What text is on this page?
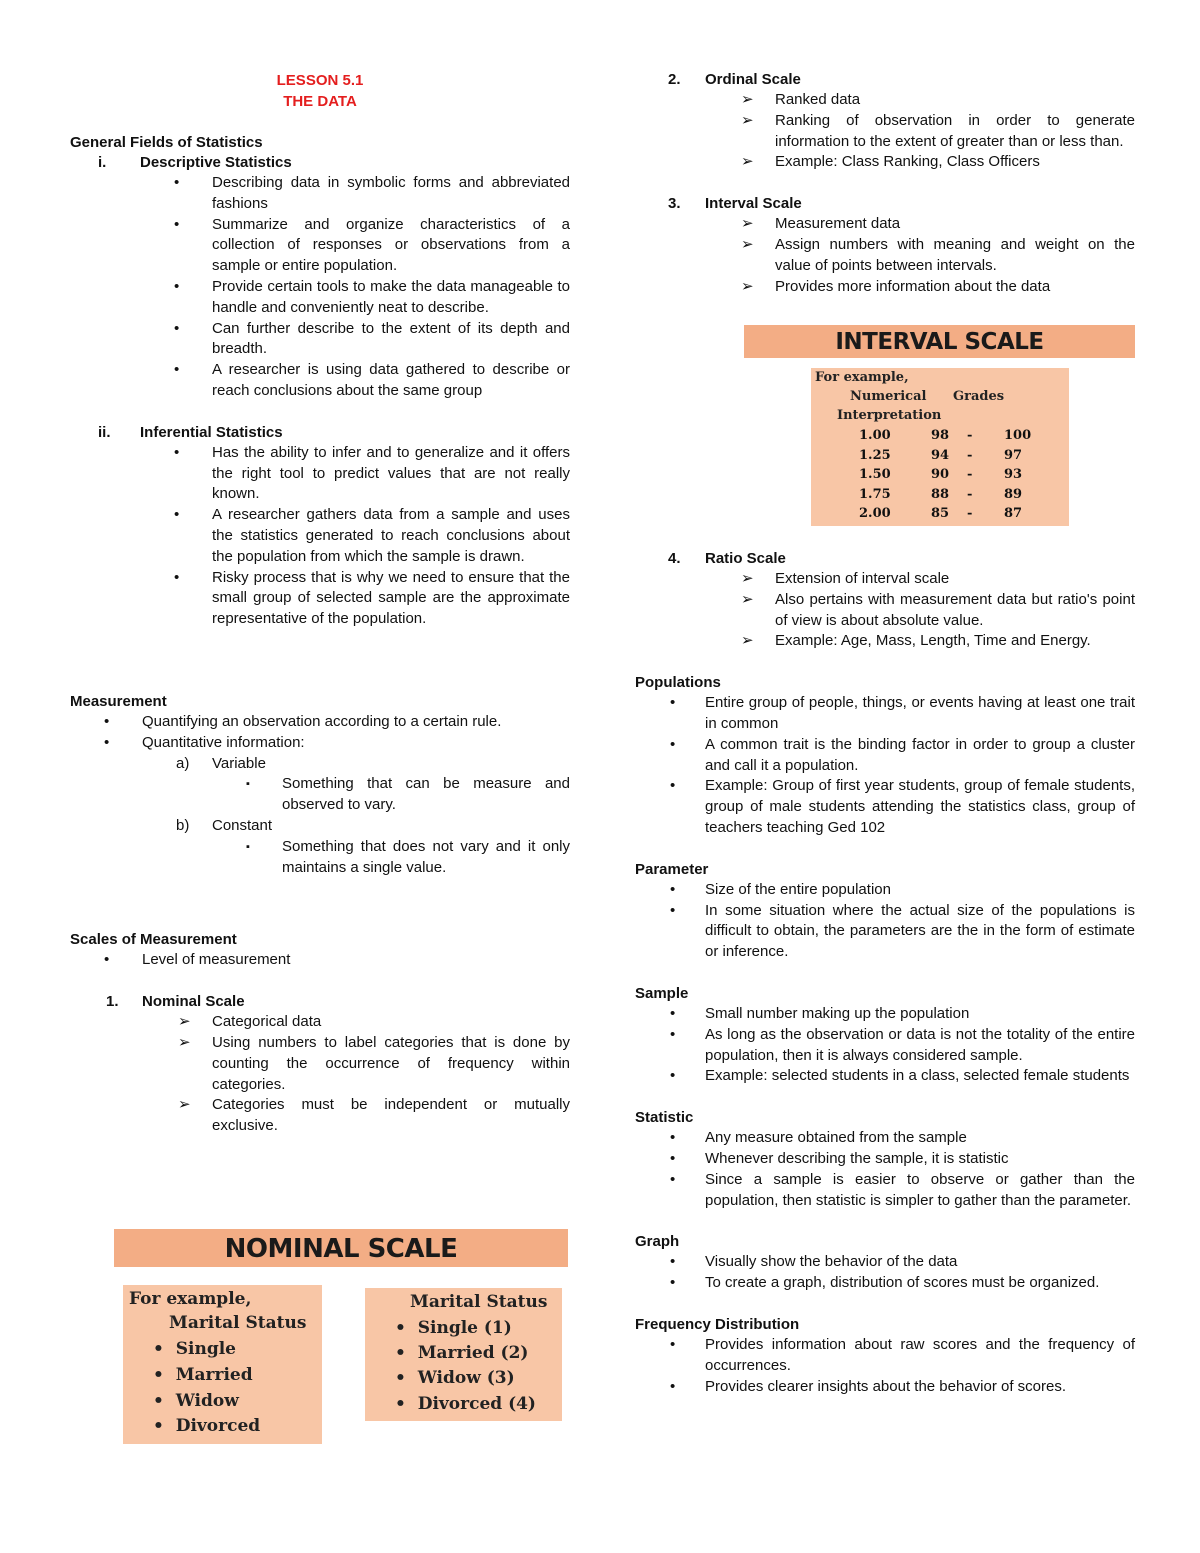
LESSON 5.1
THE DATA
General Fields of Statistics
i. Descriptive Statistics
• Describing data in symbolic forms and abbreviated fashions
• Summarize and organize characteristics of a collection of responses or observations from a sample or entire population.
• Provide certain tools to make the data manageable to handle and conveniently neat to describe.
• Can further describe to the extent of its depth and breadth.
• A researcher is using data gathered to describe or reach conclusions about the same group
ii. Inferential Statistics
• Has the ability to infer and to generalize and it offers the right tool to predict values that are not really known.
• A researcher gathers data from a sample and uses the statistics generated to reach conclusions about the population from which the sample is drawn.
• Risky process that is why we need to ensure that the small group of selected sample are the approximate representative of the population.
Measurement
• Quantifying an observation according to a certain rule.
• Quantitative information:
a) Variable
▪ Something that can be measure and observed to vary.
b) Constant
▪ Something that does not vary and it only maintains a single value.
Scales of Measurement
• Level of measurement
1. Nominal Scale
➢ Categorical data
➢ Using numbers to label categories that is done by counting the occurrence of frequency within categories.
➢ Categories must be independent or mutually exclusive.
NOMINAL SCALE
For example,
Marital Status
• Single
• Married
• Widow
• Divorced
Marital Status
• Single (1)
• Married (2)
• Widow (3)
• Divorced (4)
2. Ordinal Scale
➢ Ranked data
➢ Ranking of observation in order to generate information to the extent of greater than or less than.
➢ Example: Class Ranking, Class Officers
3. Interval Scale
➢ Measurement data
➢ Assign numbers with meaning and weight on the value of points between intervals.
➢ Provides more information about the data
INTERVAL SCALE
For example,
Numerical Grades
Interpretation
1.00	98 - 100
1.25	94 - 97
1.50	90 - 93
1.75	88 - 89
2.00	85 - 87
4. Ratio Scale
➢ Extension of interval scale
➢ Also pertains with measurement data but ratio's point of view is about absolute value.
➢ Example: Age, Mass, Length, Time and Energy.
Populations
• Entire group of people, things, or events having at least one trait in common
• A common trait is the binding factor in order to group a cluster and call it a population.
• Example: Group of first year students, group of female students, group of male students attending the statistics class, group of teachers teaching Ged 102
Parameter
• Size of the entire population
• In some situation where the actual size of the populations is difficult to obtain, the parameters are the in the form of estimate or inference.
Sample
• Small number making up the population
• As long as the observation or data is not the totality of the entire population, then it is always considered sample.
• Example: selected students in a class, selected female students
Statistic
• Any measure obtained from the sample
• Whenever describing the sample, it is statistic
• Since a sample is easier to observe or gather than the population, then statistic is simpler to gather than the parameter.
Graph
• Visually show the behavior of the data
• To create a graph, distribution of scores must be organized.
Frequency Distribution
• Provides information about raw scores and the frequency of occurrences.
• Provides clearer insights about the behavior of scores.
